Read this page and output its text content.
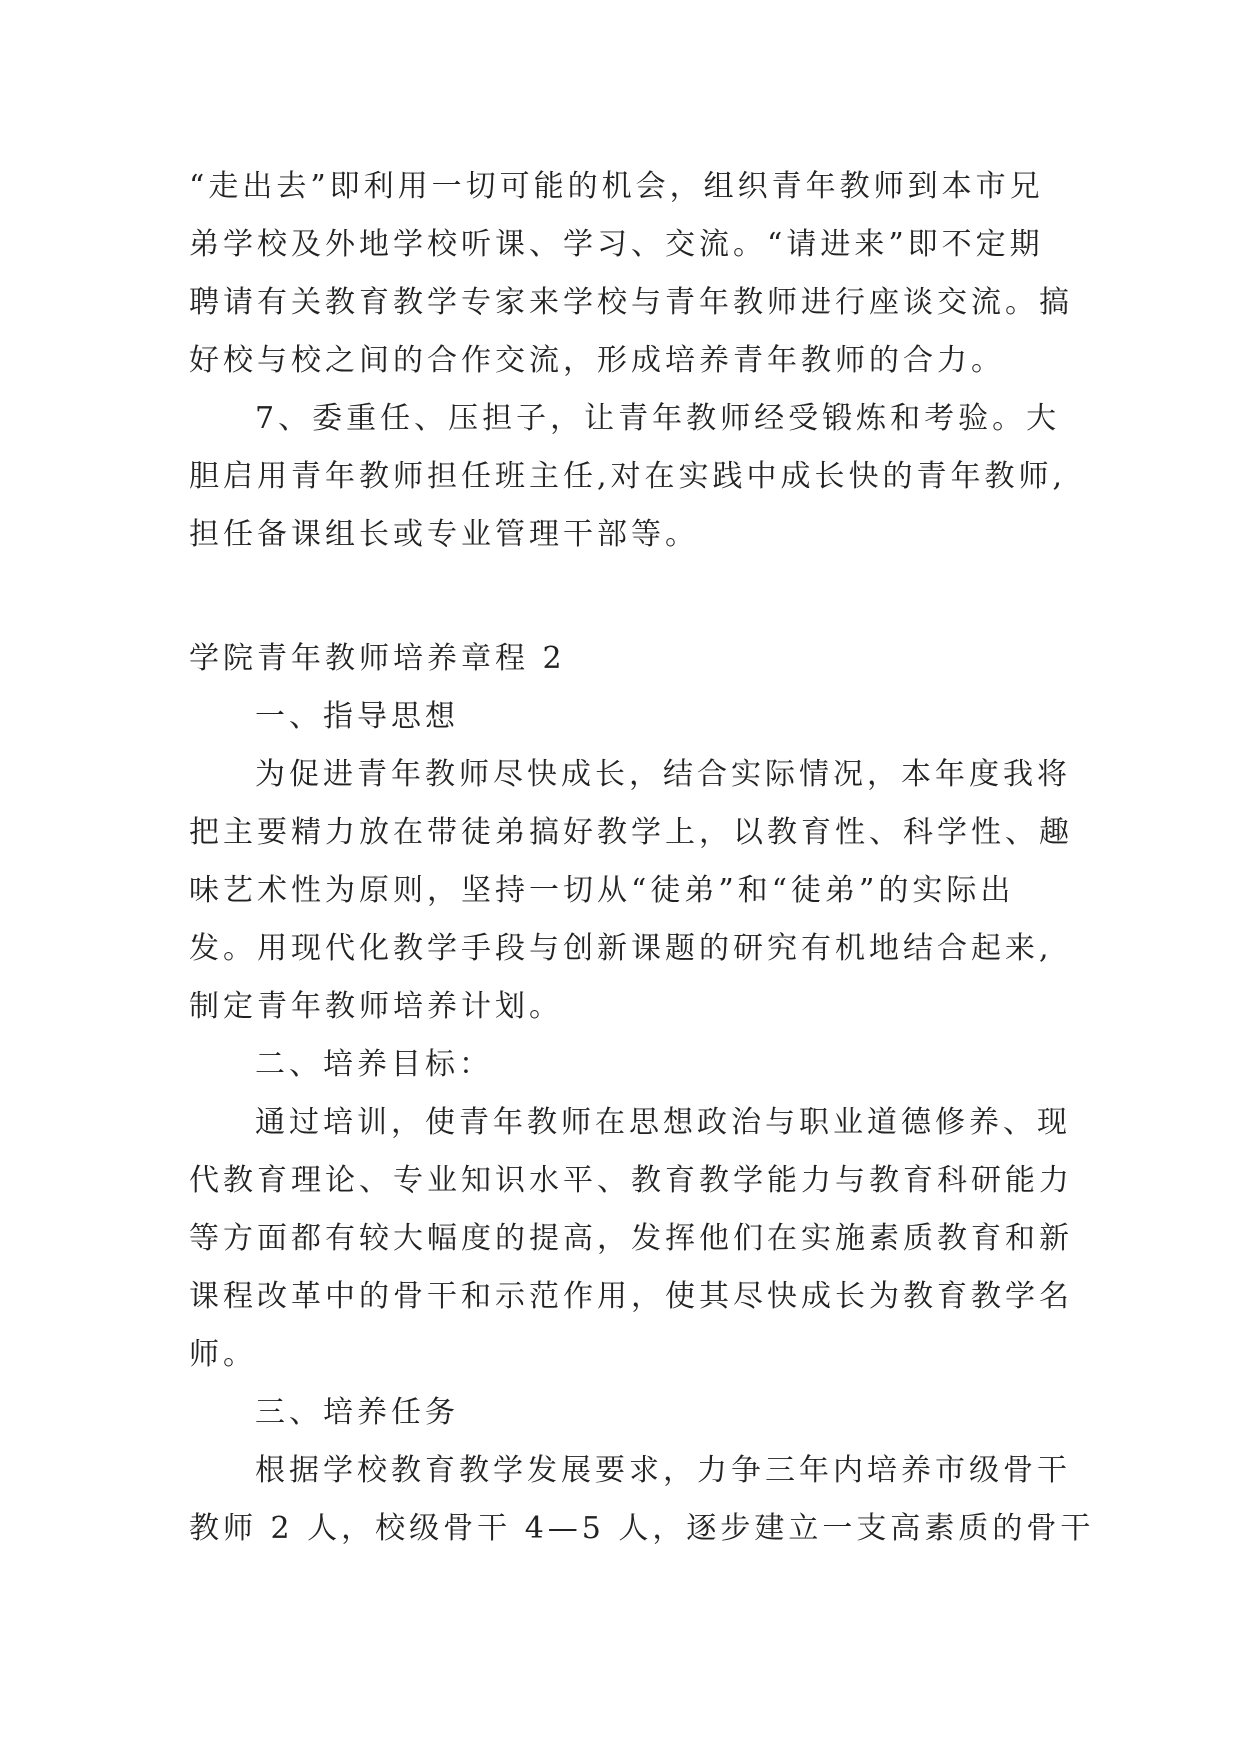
“走出去”即利用一切可能的机会，组织青年教师到本市兄

弟学校及外地学校听课、学习、交流。“请进来”即不定期

聘请有关教育教学专家来学校与青年教师进行座谈交流。搞

好校与校之间的合作交流，形成培养青年教师的合力。

7、委重任、压担子，让青年教师经受锻炼和考验。大

胆启用青年教师担任班主任,对在实践中成长快的青年教师,

担任备课组长或专业管理干部等。

学院青年教师培养章程 2

一、指导思想

为促进青年教师尽快成长，结合实际情况，本年度我将

把主要精力放在带徒弟搞好教学上，以教育性、科学性、趣

味艺术性为原则，坚持一切从“徒弟”和“徒弟”的实际出

发。用现代化教学手段与创新课题的研究有机地结合起来,

制定青年教师培养计划。

二、培养目标：

通过培训，使青年教师在思想政治与职业道德修养、现

代教育理论、专业知识水平、教育教学能力与教育科研能力

等方面都有较大幅度的提高，发挥他们在实施素质教育和新

课程改革中的骨干和示范作用，使其尽快成长为教育教学名

师。

三、培养任务

根据学校教育教学发展要求，力争三年内培养市级骨干

教师 2 人，校级骨干 4—5 人，逐步建立一支高素质的骨干
